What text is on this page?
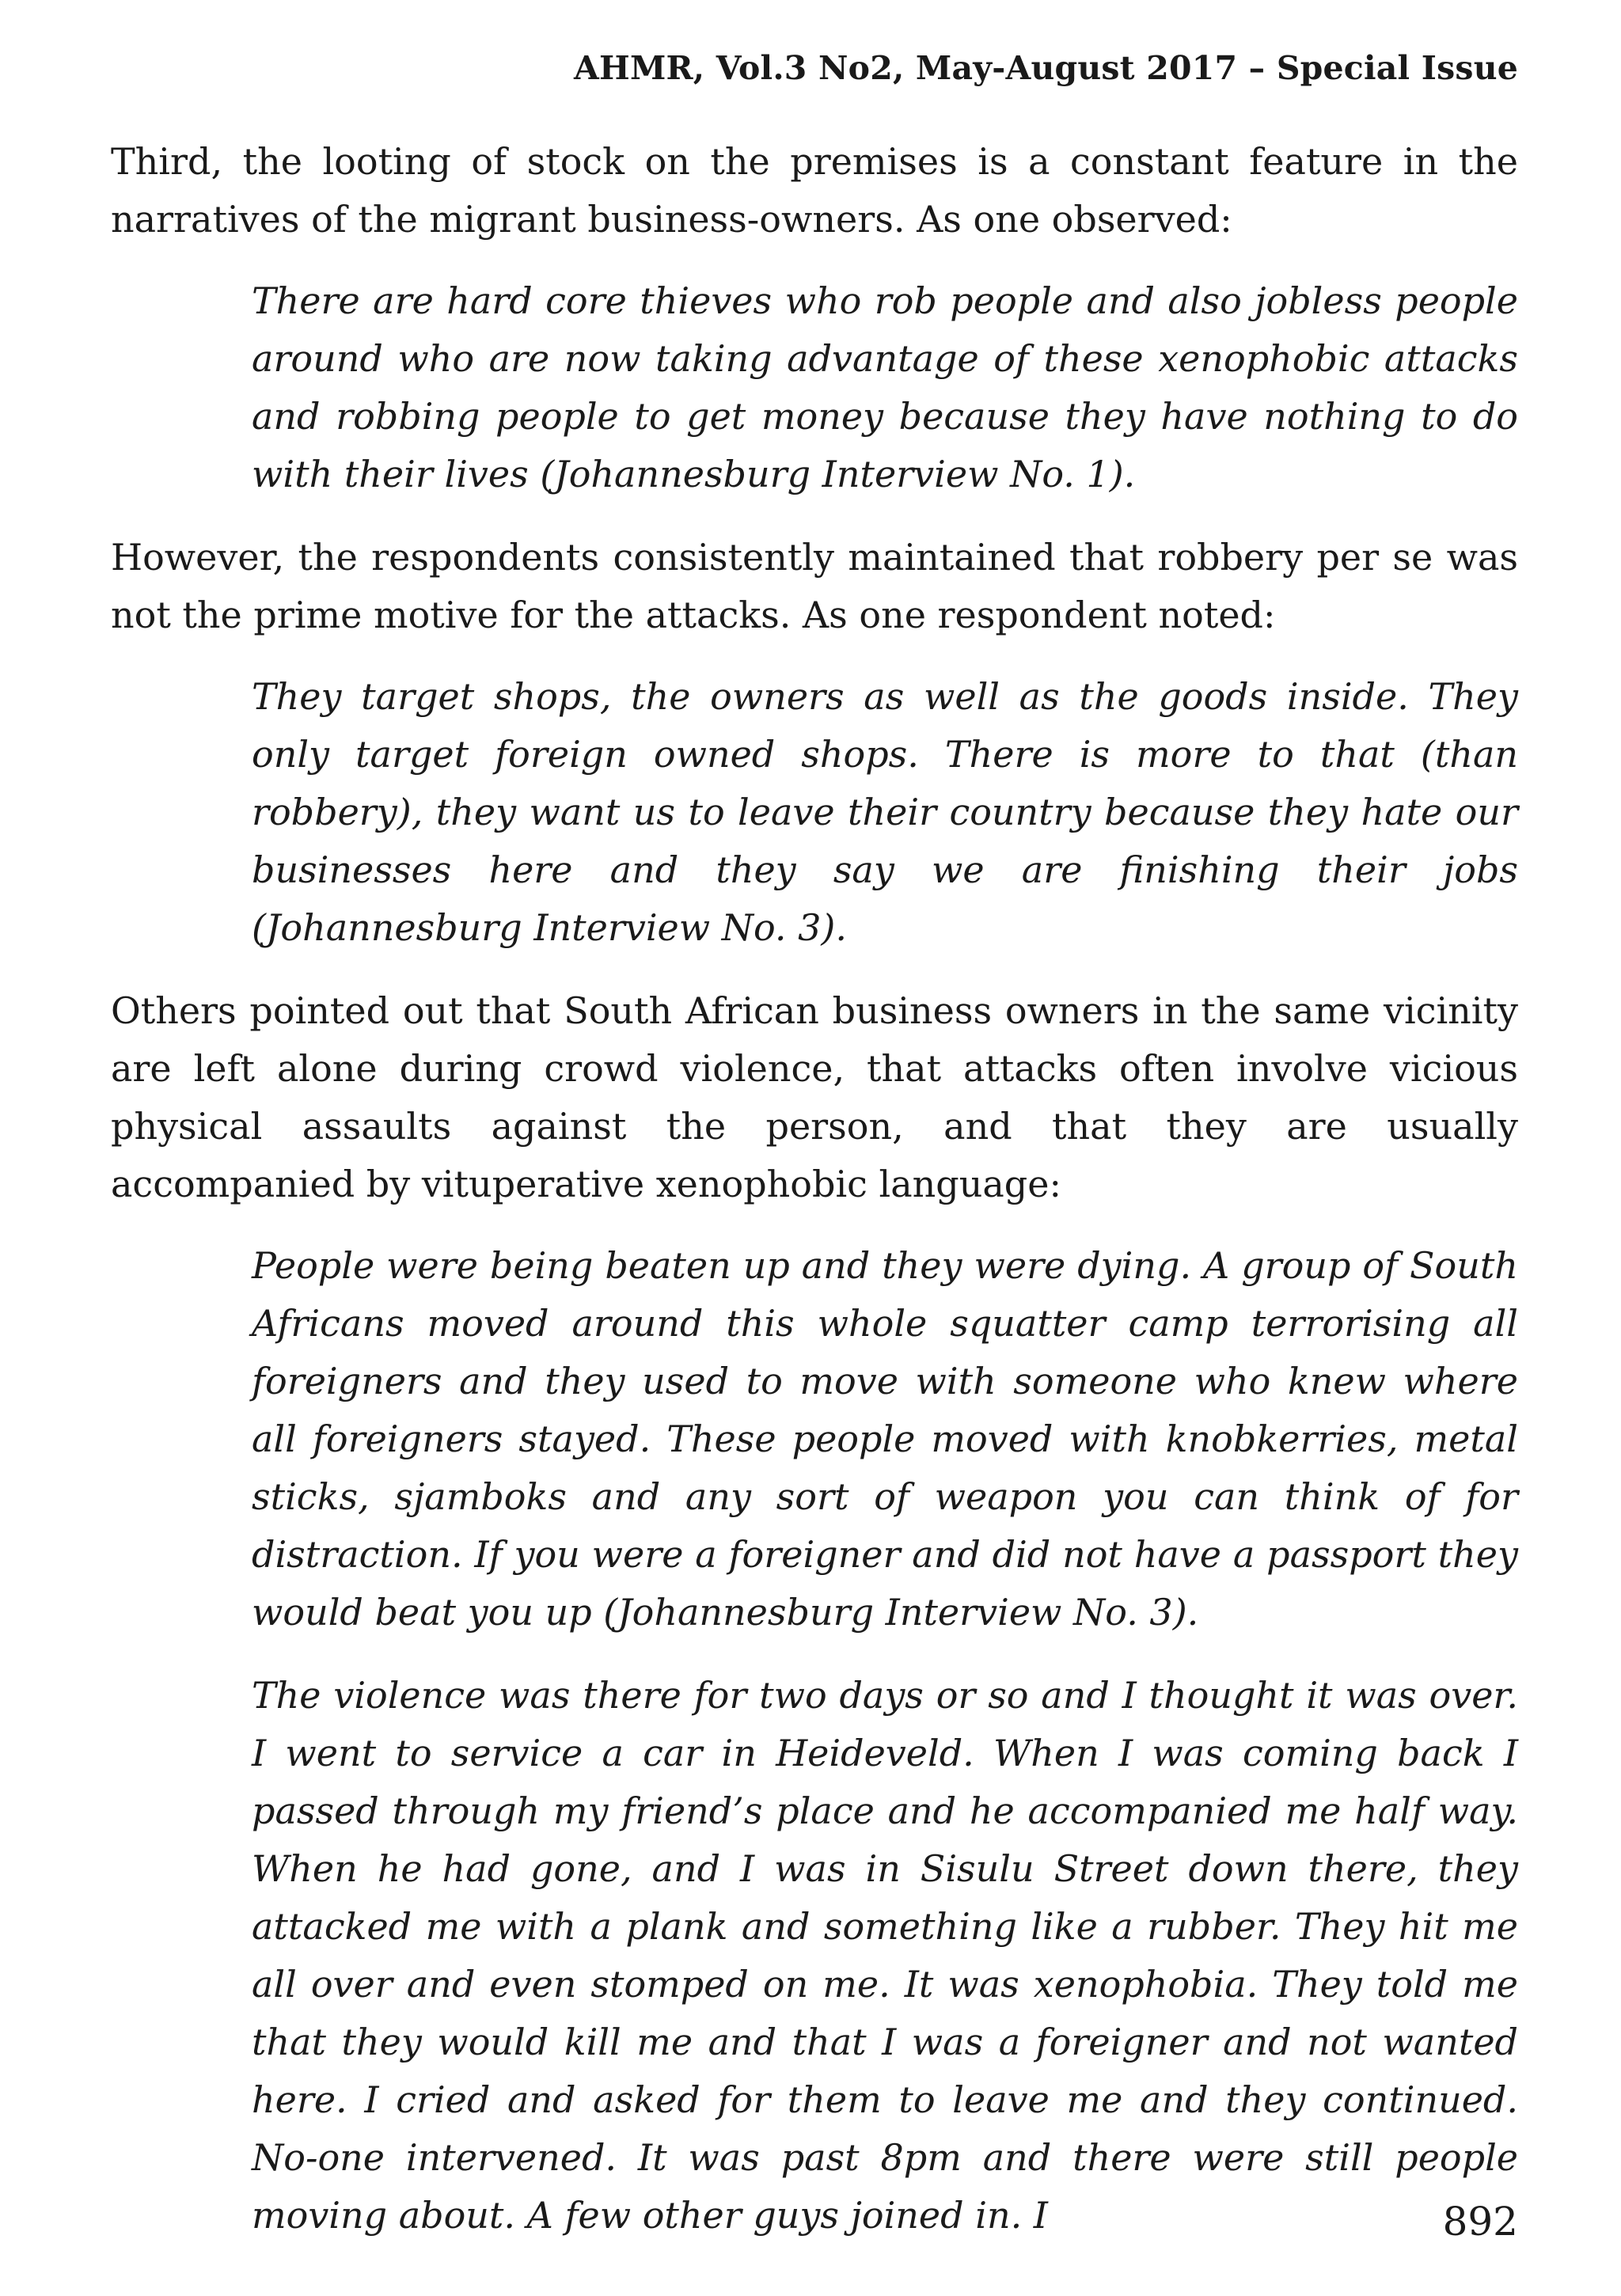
AHMR, Vol.3 No2, May-August 2017 – Special Issue

Third, the looting of stock on the premises is a constant feature in the narratives of the migrant business-owners. As one observed:

There are hard core thieves who rob people and also jobless people around who are now taking advantage of these xenophobic attacks and robbing people to get money because they have nothing to do with their lives (Johannesburg Interview No. 1).

However, the respondents consistently maintained that robbery per se was not the prime motive for the attacks. As one respondent noted:

They target shops, the owners as well as the goods inside. They only target foreign owned shops. There is more to that (than robbery), they want us to leave their country because they hate our businesses here and they say we are finishing their jobs (Johannesburg Interview No. 3).

Others pointed out that South African business owners in the same vicinity are left alone during crowd violence, that attacks often involve vicious physical assaults against the person, and that they are usually accompanied by vituperative xenophobic language:

People were being beaten up and they were dying. A group of South Africans moved around this whole squatter camp terrorising all foreigners and they used to move with someone who knew where all foreigners stayed. These people moved with knobkerries, metal sticks, sjamboks and any sort of weapon you can think of for distraction. If you were a foreigner and did not have a passport they would beat you up (Johannesburg Interview No. 3).

The violence was there for two days or so and I thought it was over. I went to service a car in Heideveld. When I was coming back I passed through my friend’s place and he accompanied me half way. When he had gone, and I was in Sisulu Street down there, they attacked me with a plank and something like a rubber. They hit me all over and even stomped on me. It was xenophobia. They told me that they would kill me and that I was a foreigner and not wanted here. I cried and asked for them to leave me and they continued. No-one intervened. It was past 8pm and there were still people moving about. A few other guys joined in. I	892
